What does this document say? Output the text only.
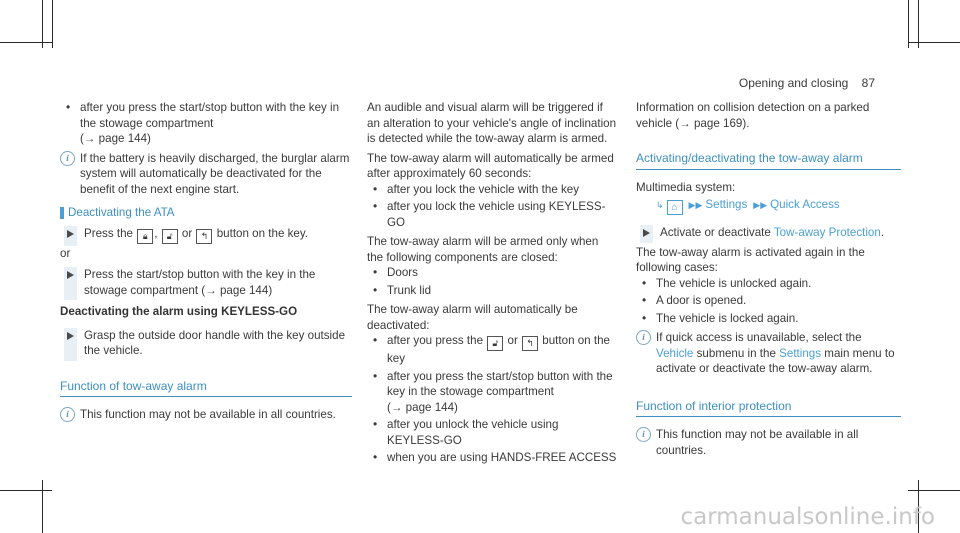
Opening and closing 87

• after you press the start/stop button with the key in the stowage compartment
(→ page 144)

i If the battery is heavily discharged, the burglar alarm system will automatically be deactivated for the benefit of the next engine start.

Deactivating the ATA

Press the 🔒︎ , 🔓︎ or ↰ button on the key.

or

Press the start/stop button with the key in the stowage compartment (→ page 144)

Deactivating the alarm using KEYLESS-GO

Grasp the outside door handle with the key outside the vehicle.

Function of tow-away alarm

i This function may not be available in all countries.

An audible and visual alarm will be triggered if an alteration to your vehicle's angle of inclination is detected while the tow-away alarm is armed.

The tow-away alarm will automatically be armed after approximately 60 seconds:

• after you lock the vehicle with the key

• after you lock the vehicle using KEYLESS-GO

The tow-away alarm will be armed only when the following components are closed:

• Doors

• Trunk lid

The tow-away alarm will automatically be deactivated:

• after you press the 🔓︎ or ↰ button on the key

• after you press the start/stop button with the key in the stowage compartment
(→ page 144)

• after you unlock the vehicle using KEYLESS-GO

• when you are using HANDS-FREE ACCESS

Information on collision detection on a parked vehicle (→ page 169).

Activating/deactivating the tow-away alarm

Multimedia system:

↳ ⌂ ▶▶ Settings ▶▶ Quick Access

Activate or deactivate Tow-away Protection.

The tow-away alarm is activated again in the following cases:

• The vehicle is unlocked again.

• A door is opened.

• The vehicle is locked again.

i If quick access is unavailable, select the Vehicle submenu in the Settings main menu to activate or deactivate the tow-away alarm.

Function of interior protection

i This function may not be available in all countries.

carmanualsonline.info
